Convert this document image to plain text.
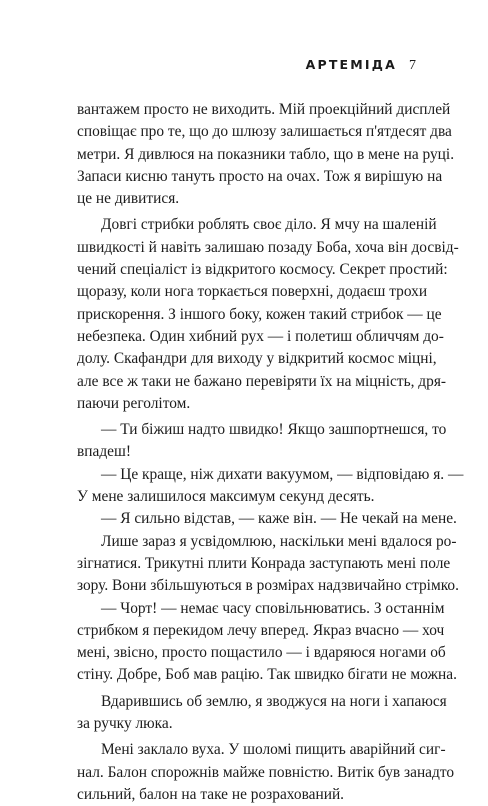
АРТЕМІДА 7
вантажем просто не виходить. Мій проекційний дисплей
сповіщає про те, що до шлюзу залишається п'ятдесят два
метри. Я дивлюся на показники табло, що в мене на руці.
Запаси кисню тануть просто на очах. Тож я вирішую на
це не дивитися.
Довгі стрибки роблять своє діло. Я мчу на шаленій
швидкості й навіть залишаю позаду Боба, хоча він досвід-
чений спеціаліст із відкритого космосу. Секрет простий:
щоразу, коли нога торкається поверхні, додаєш трохи
прискорення. З іншого боку, кожен такий стрибок — це
небезпека. Один хибний рух — і полетиш обличчям до-
долу. Скафандри для виходу у відкритий космос міцні,
але все ж таки не бажано перевіряти їх на міцність, дря-
паючи реголітом.
— Ти біжиш надто швидко! Якщо зашпортнешся, то
впадеш!
— Це краще, ніж дихати вакуумом, — відповідаю я. —
У мене залишилося максимум секунд десять.
— Я сильно відстав, — каже він. — Не чекай на мене.
Лише зараз я усвідомлюю, наскільки мені вдалося ро-
зігнатися. Трикутні плити Конрада заступають мені поле
зору. Вони збільшуються в розмірах надзвичайно стрімко.
— Чорт! — немає часу сповільнюватись. З останнім
стрибком я перекидом лечу вперед. Якраз вчасно — хоч
мені, звісно, просто пощастило — і вдаряюся ногами об
стіну. Добре, Боб мав рацію. Так швидко бігати не можна.
Вдарившись об землю, я зводжуся на ноги і хапаюся
за ручку люка.
Мені заклало вуха. У шоломі пищить аварійний сиг-
нал. Балон спорожнів майже повністю. Витік був занадто
сильний, балон на таке не розрахований.
